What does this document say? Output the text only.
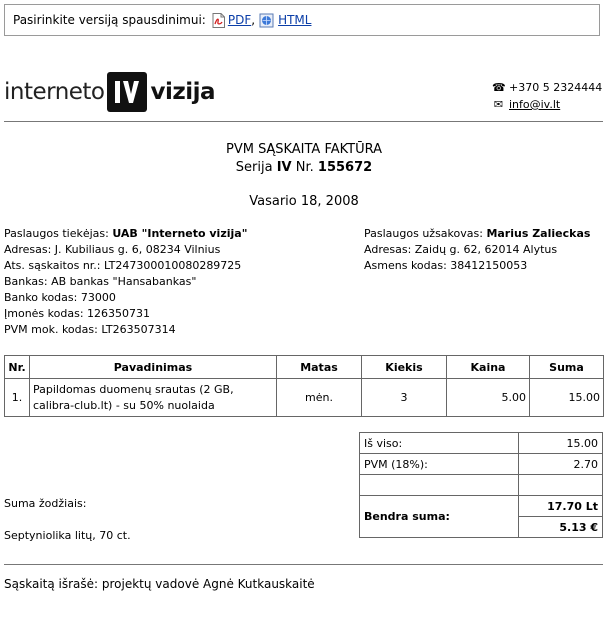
Pasirinkite versiją spausdinimui: PDF , HTML
interneto vizija	☎ +370 5 2324444
✉ info@iv.lt
PVM SĄSKAITA FAKTŪRA
Serija IV Nr. 155672
Vasario 18, 2008
Paslaugos tiekėjas: UAB "Interneto vizija"
Adresas: J. Kubiliaus g. 6, 08234 Vilnius
Ats. sąskaitos nr.: LT247300010080289725
Bankas: AB bankas "Hansabankas"
Banko kodas: 73000
Įmonės kodas: 126350731
PVM mok. kodas: LT263507314
Paslaugos užsakovas: Marius Zalieckas
Adresas: Zaidų g. 62, 62014 Alytus
Asmens kodas: 38412150053
Nr.	Pavadinimas	Matas	Kiekis	Kaina	Suma
1.	Papildomas duomenų srautas (2 GB,
calibra-club.lt) - su 50% nuolaida	mėn.	3	5.00	15.00
Iš viso:	15.00
PVM (18%):	2.70

Bendra suma:	17.70 Lt
	5.13 €
Suma žodžiais:
Septyniolika litų, 70 ct.
Sąskaitą išrašė: projektų vadovė Agnė Kutkauskaitė
